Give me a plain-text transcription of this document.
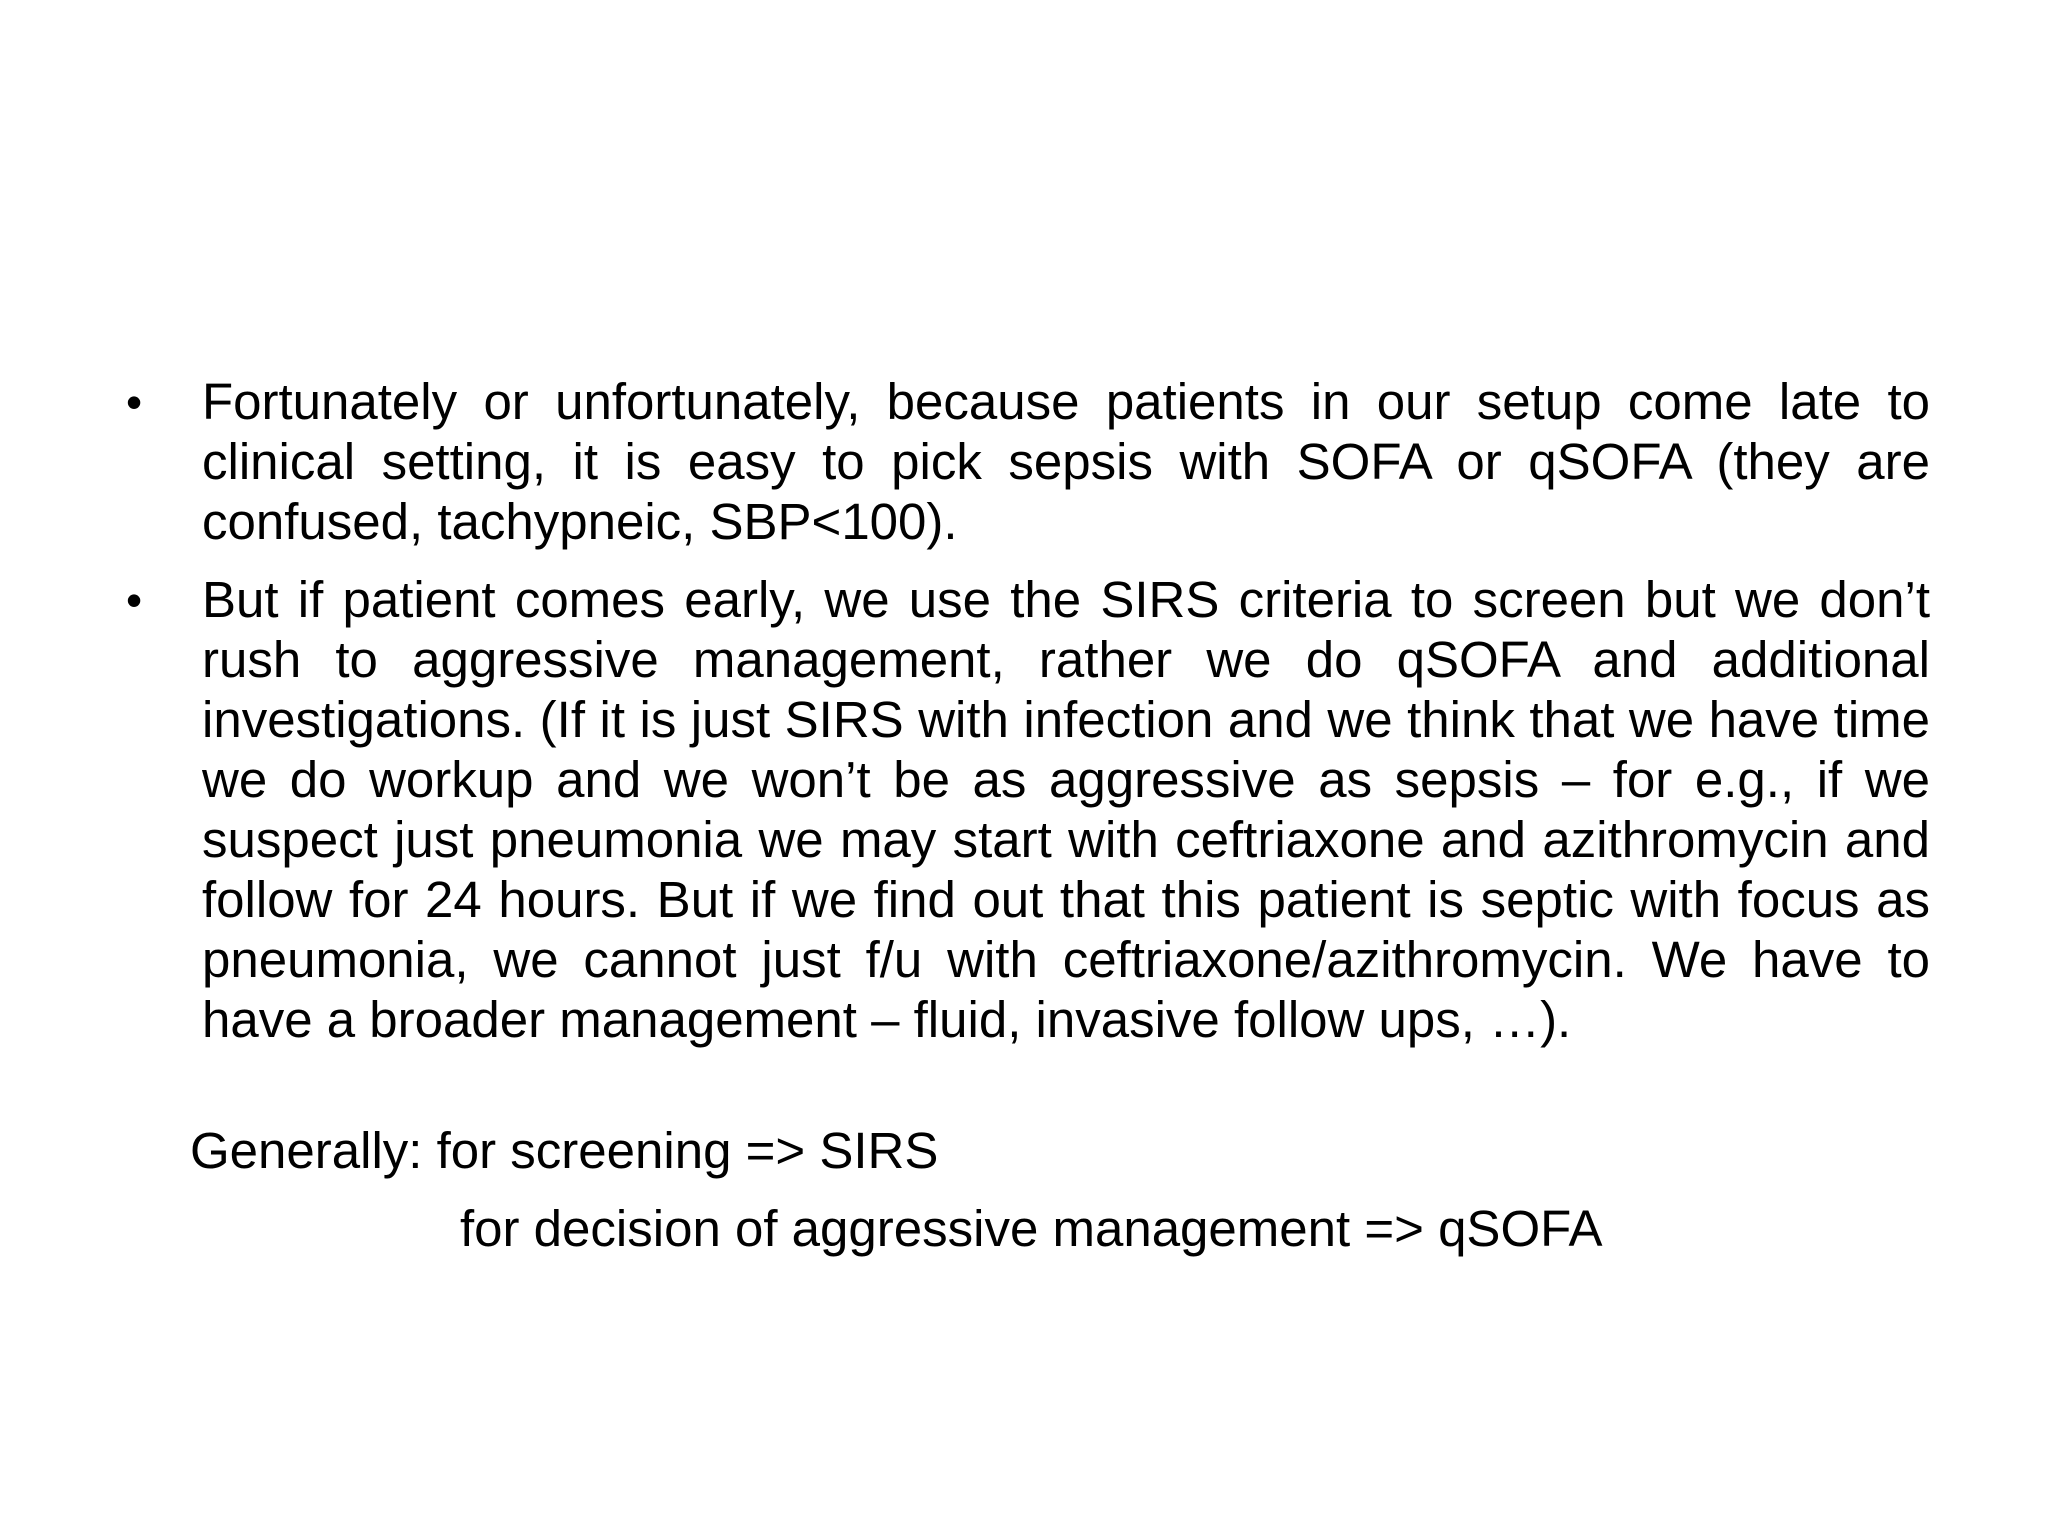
• Fortunately or unfortunately, because patients in our setup come late to clinical setting, it is easy to pick sepsis with SOFA or qSOFA (they are confused, tachypneic, SBP<100).
• But if patient comes early, we use the SIRS criteria to screen but we don’t rush to aggressive management, rather we do qSOFA and additional investigations. (If it is just SIRS with infection and we think that we have time we do workup and we won’t be as aggressive as sepsis – for e.g., if we suspect just pneumonia we may start with ceftriaxone and azithromycin and follow for 24 hours. But if we find out that this patient is septic with focus as pneumonia, we cannot just f/u with ceftriaxone/azithromycin. We have to have a broader management – fluid, invasive follow ups, …).
Generally: for screening => SIRS
for decision of aggressive management => qSOFA
